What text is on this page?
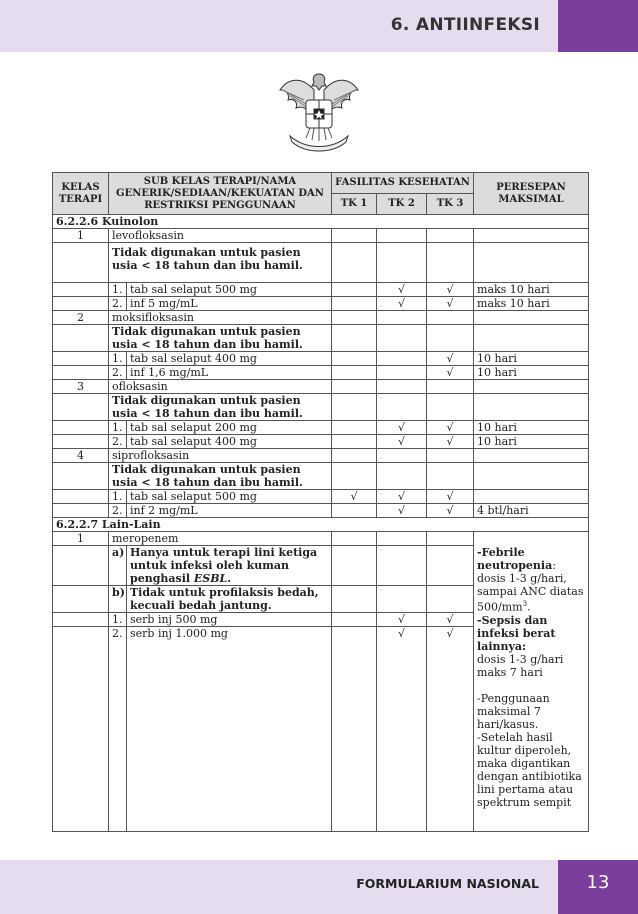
6. ANTIINFEKSI
KELAS TERAPI	SUB KELAS TERAPI/NAMA GENERIK/SEDIAAN/KEKUATAN DAN RESTRIKSI PENGGUNAAN		FASILITAS KESEHATAN			PERESEPAN MAKSIMAL
			TK 1	TK 2	TK 3	
6.2.2.6 Kuinolon						
1	levofloksasin					
	Tidak digunakan untuk pasien usia < 18 tahun dan ibu hamil.					
	1.	tab sal selaput 500 mg		√	√	maks 10 hari
	2.	inf 5 mg/mL		√	√	maks 10 hari
2	moksifloksasin					
	Tidak digunakan untuk pasien usia < 18 tahun dan ibu hamil.					
	1.	tab sal selaput 400 mg			√	10 hari
	2.	inf 1,6 mg/mL			√	10 hari
3	ofloksasin					
	Tidak digunakan untuk pasien usia < 18 tahun dan ibu hamil.					
	1.	tab sal selaput 200 mg		√	√	10 hari
	2.	tab sal selaput 400 mg		√	√	10 hari
4	siprofloksasin					
	Tidak digunakan untuk pasien usia < 18 tahun dan ibu hamil.					
	1.	tab sal selaput 500 mg	√	√	√	
	2.	inf 2 mg/mL		√	√	4 btl/hari
6.2.2.7 Lain-Lain						
1	meropenem					-Febrile neutropenia: dosis 1-3 g/hari, sampai ANC diatas $500/mm^3$.
-Sepsis dan infeksi berat lainnya:
dosis 1-3 g/hari maks 7 hari

-Penggunaan maksimal 7 hari/kasus.
-Setelah hasil kultur diperoleh, maka digantikan dengan antibiotika lini pertama atau spektrum sempit
	a)	Hanya untuk terapi lini ketiga untuk infeksi oleh kuman penghasil ESBL.				
	b)	Tidak untuk profilaksis bedah, kecuali bedah jantung.				
	1.	serb inj 500 mg		√	√	
	2.	serb inj 1.000 mg		√	√	
FORMULARIUM NASIONAL	13
